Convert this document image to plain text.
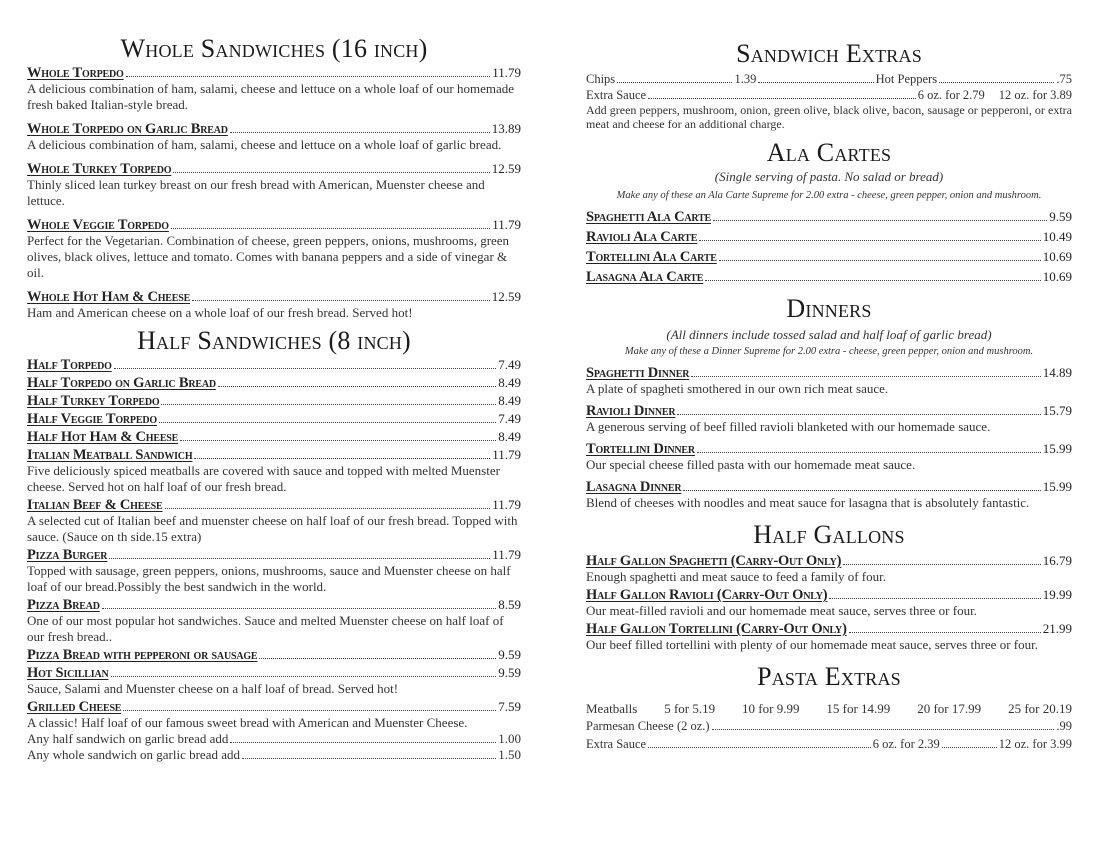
Whole Sandwiches (16 inch)
Whole Torpedo	11.79

A delicious combination of ham, salami, cheese and lettuce on a whole loaf of our homemade fresh baked Italian-style bread.

Whole Torpedo on Garlic Bread	13.89

A delicious combination of ham, salami, cheese and lettuce on a whole loaf of garlic bread.

Whole Turkey Torpedo	12.59

Thinly sliced lean turkey breast on our fresh bread with American, Muenster cheese and lettuce.

Whole Veggie Torpedo	11.79

Perfect for the Vegetarian. Combination of cheese, green peppers, onions, mushrooms, green olives, black olives, lettuce and tomato. Comes with banana peppers and a side of vinegar & oil.

Whole Hot Ham & Cheese	12.59

Ham and American cheese on a whole loaf of our fresh bread. Served hot!

Half Sandwiches (8 inch)
Half Torpedo	7.49
Half Torpedo on Garlic Bread	8.49
Half Turkey Torpedo	8.49
Half Veggie Torpedo	7.49
Half Hot Ham & Cheese	8.49
Italian Meatball Sandwich	11.79

Five deliciously spiced meatballs are covered with sauce and topped with melted Muenster cheese. Served hot on half loaf of our fresh bread.

Italian Beef & Cheese	11.79

A selected cut of Italian beef and muenster cheese on half loaf of our fresh bread. Topped with sauce. (Sauce on th side.15 extra)

Pizza Burger	11.79

Topped with sausage, green peppers, onions, mushrooms, sauce and Muenster cheese on half loaf of our bread.Possibly the best sandwich in the world.

Pizza Bread	8.59

One of our most popular hot sandwiches. Sauce and melted Muenster cheese on half loaf of our fresh bread..

Pizza Bread with pepperoni or sausage	9.59
Hot Sicillian	9.59

Sauce, Salami and Muenster cheese on a half loaf of bread. Served hot!

Grilled Cheese	7.59

A classic! Half loaf of our famous sweet bread with American and Muenster Cheese.

Any half sandwich on garlic bread add	1.00
Any whole sandwich on garlic bread add	1.50
Sandwich Extras
Chips	1.39	Hot Peppers	.75
Extra Sauce	6 oz. for 2.79 12 oz. for 3.89

Add green peppers, mushroom, onion, green olive, black olive, bacon, sausage or pepperoni, or extra meat and cheese for an additional charge.

Ala Cartes

(Single serving of pasta. No salad or bread)

Make any of these an Ala Carte Supreme for 2.00 extra - cheese, green pepper, onion and mushroom.

Spaghetti Ala Carte	9.59
Ravioli Ala Carte	10.49
Tortellini Ala Carte	10.69
Lasagna Ala Carte	10.69
Dinners

(All dinners include tossed salad and half loaf of garlic bread)

Make any of these a Dinner Supreme for 2.00 extra - cheese, green pepper, onion and mushroom.

Spaghetti Dinner	14.89

A plate of spagheti smothered in our own rich meat sauce.

Ravioli Dinner	15.79

A generous serving of beef filled ravioli blanketed with our homemade sauce.

Tortellini Dinner	15.99

Our special cheese filled pasta with our homemade meat sauce.

Lasagna Dinner	15.99

Blend of cheeses with noodles and meat sauce for lasagna that is absolutely fantastic.

Half Gallons
Half Gallon Spaghetti (Carry-Out Only)	16.79

Enough spaghetti and meat sauce to feed a family of four.

Half Gallon Ravioli (Carry-Out Only)	19.99

Our meat-filled ravioli and our homemade meat sauce, serves three or four.

Half Gallon Tortellini (Carry-Out Only)	21.99

Our beef filled tortellini with plenty of our homemade meat sauce, serves three or four.

Pasta Extras
Meatballs 5 for 5.19 10 for 9.99 15 for 14.99 20 for 17.99 25 for 20.19
Parmesan Cheese (2 oz.)	.99
Extra Sauce	6 oz. for 2.39	12 oz. for 3.99
